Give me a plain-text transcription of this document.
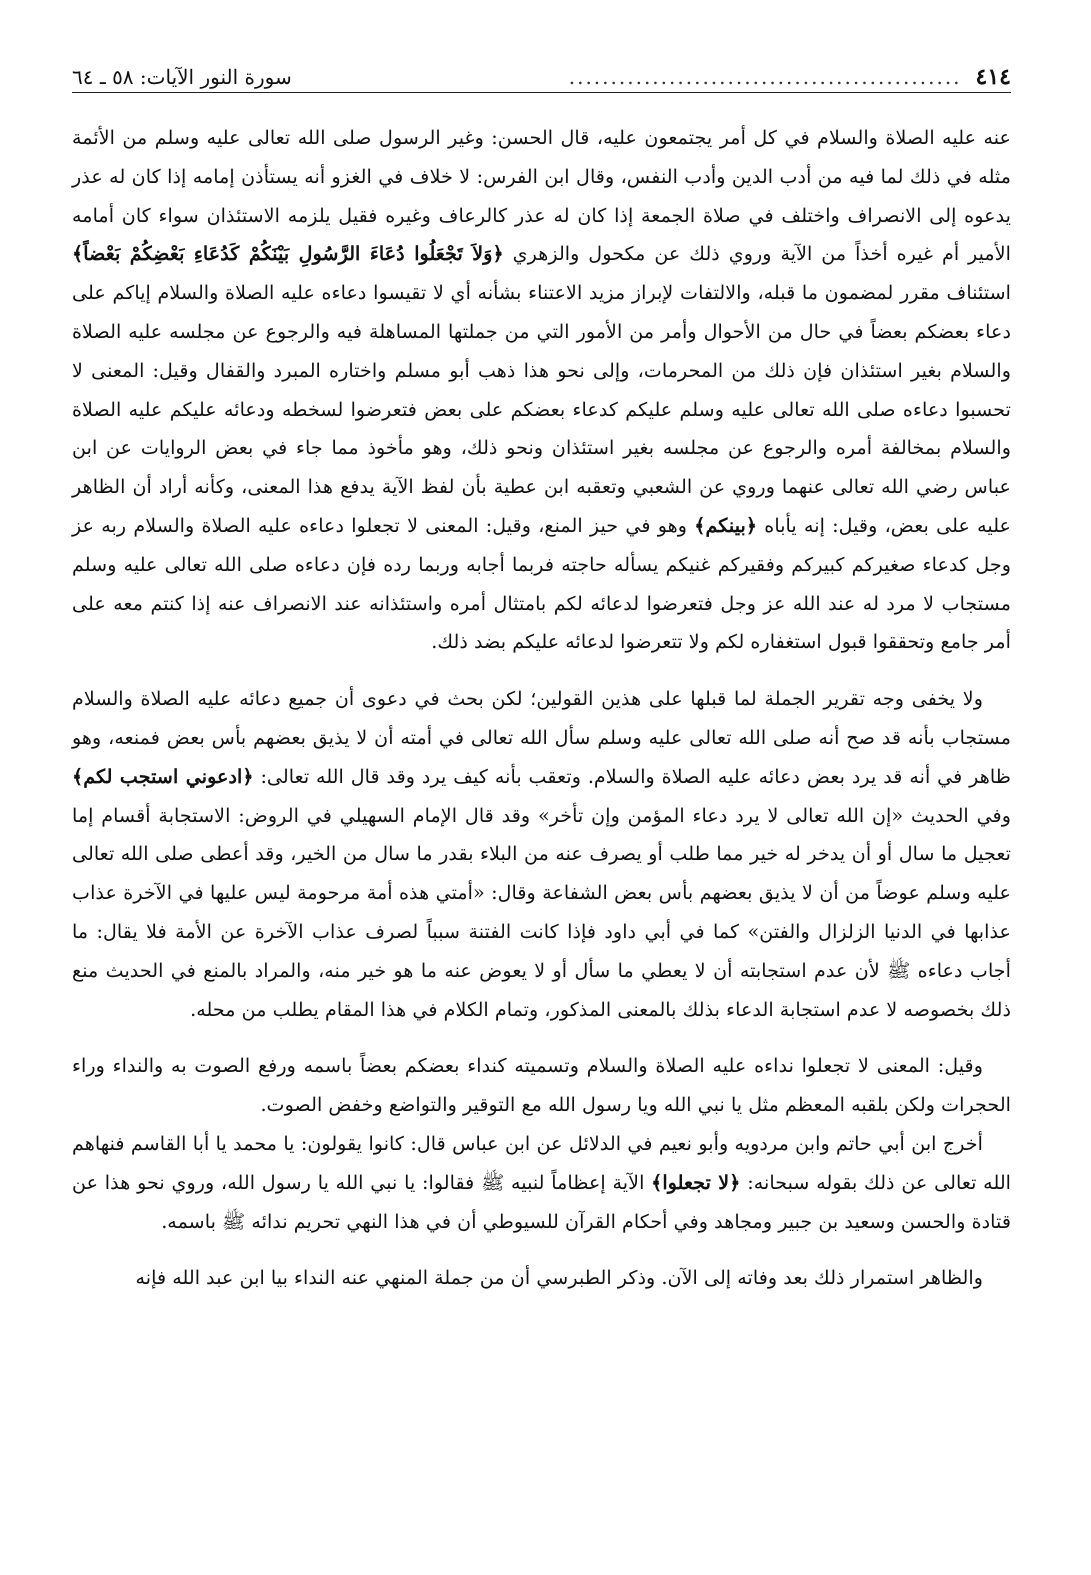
٤١٤
...............................................
سورة النور الآيات: ٥٨ ـ ٦٤

عنه عليه الصلاة والسلام في كل أمر يجتمعون عليه، قال الحسن: وغير الرسول صلى الله تعالى عليه وسلم من الأئمة مثله في ذلك لما فيه من أدب الدين وأدب النفس، وقال ابن الفرس: لا خلاف في الغزو أنه يستأذن إمامه إذا كان له عذر يدعوه إلى الانصراف واختلف في صلاة الجمعة إذا كان له عذر كالرعاف وغيره فقيل يلزمه الاستئذان سواء كان أمامه الأمير أم غيره أخذاً من الآية وروي ذلك عن مكحول والزهري ﴿وَلاَ تَجْعَلُوا دُعَاءَ الرَّسُولِ بَيْنَكُمْ كَدُعَاءِ بَعْضِكُمْ بَعْضاً﴾ استئناف مقرر لمضمون ما قبله، والالتفات لإبراز مزيد الاعتناء بشأنه أي لا تقيسوا دعاءه عليه الصلاة والسلام إياكم على دعاء بعضكم بعضاً في حال من الأحوال وأمر من الأمور التي من جملتها المساهلة فيه والرجوع عن مجلسه عليه الصلاة والسلام بغير استئذان فإن ذلك من المحرمات، وإلى نحو هذا ذهب أبو مسلم واختاره المبرد والقفال وقيل: المعنى لا تحسبوا دعاءه صلى الله تعالى عليه وسلم عليكم كدعاء بعضكم على بعض فتعرضوا لسخطه ودعائه عليكم عليه الصلاة والسلام بمخالفة أمره والرجوع عن مجلسه بغير استئذان ونحو ذلك، وهو مأخوذ مما جاء في بعض الروايات عن ابن عباس رضي الله تعالى عنهما وروي عن الشعبي وتعقبه ابن عطية بأن لفظ الآية يدفع هذا المعنى، وكأنه أراد أن الظاهر عليه على بعض، وقيل: إنه يأباه ﴿بينكم﴾ وهو في حيز المنع، وقيل: المعنى لا تجعلوا دعاءه عليه الصلاة والسلام ربه عز وجل كدعاء صغيركم كبيركم وفقيركم غنيكم يسأله حاجته فربما أجابه وربما رده فإن دعاءه صلى الله تعالى عليه وسلم مستجاب لا مرد له عند الله عز وجل فتعرضوا لدعائه لكم بامتثال أمره واستئذانه عند الانصراف عنه إذا كنتم معه على أمر جامع وتحققوا قبول استغفاره لكم ولا تتعرضوا لدعائه عليكم بضد ذلك.

ولا يخفى وجه تقرير الجملة لما قبلها على هذين القولين؛ لكن بحث في دعوى أن جميع دعائه عليه الصلاة والسلام مستجاب بأنه قد صح أنه صلى الله تعالى عليه وسلم سأل الله تعالى في أمته أن لا يذيق بعضهم بأس بعض فمنعه، وهو ظاهر في أنه قد يرد بعض دعائه عليه الصلاة والسلام. وتعقب بأنه كيف يرد وقد قال الله تعالى: ﴿ادعوني استجب لكم﴾ وفي الحديث «إن الله تعالى لا يرد دعاء المؤمن وإن تأخر» وقد قال الإمام السهيلي في الروض: الاستجابة أقسام إما تعجيل ما سال أو أن يدخر له خير مما طلب أو يصرف عنه من البلاء بقدر ما سال من الخير، وقد أعطى صلى الله تعالى عليه وسلم عوضاً من أن لا يذيق بعضهم بأس بعض الشفاعة وقال: «أمتي هذه أمة مرحومة ليس عليها في الآخرة عذاب عذابها في الدنيا الزلزال والفتن» كما في أبي داود فإذا كانت الفتنة سبباً لصرف عذاب الآخرة عن الأمة فلا يقال: ما أجاب دعاءه ﷺ لأن عدم استجابته أن لا يعطي ما سأل أو لا يعوض عنه ما هو خير منه، والمراد بالمنع في الحديث منع ذلك بخصوصه لا عدم استجابة الدعاء بذلك بالمعنى المذكور، وتمام الكلام في هذا المقام يطلب من محله.

وقيل: المعنى لا تجعلوا نداءه عليه الصلاة والسلام وتسميته كنداء بعضكم بعضاً باسمه ورفع الصوت به والنداء وراء الحجرات ولكن بلقبه المعظم مثل يا نبي الله ويا رسول الله مع التوقير والتواضع وخفض الصوت.

أخرج ابن أبي حاتم وابن مردويه وأبو نعيم في الدلائل عن ابن عباس قال: كانوا يقولون: يا محمد يا أبا القاسم فنهاهم الله تعالى عن ذلك بقوله سبحانه: ﴿لا تجعلوا﴾ الآية إعظاماً لنبيه ﷺ فقالوا: يا نبي الله يا رسول الله، وروي نحو هذا عن قتادة والحسن وسعيد بن جبير ومجاهد وفي أحكام القرآن للسيوطي أن في هذا النهي تحريم ندائه ﷺ باسمه.

والظاهر استمرار ذلك بعد وفاته إلى الآن. وذكر الطبرسي أن من جملة المنهي عنه النداء بيا ابن عبد الله فإنه
